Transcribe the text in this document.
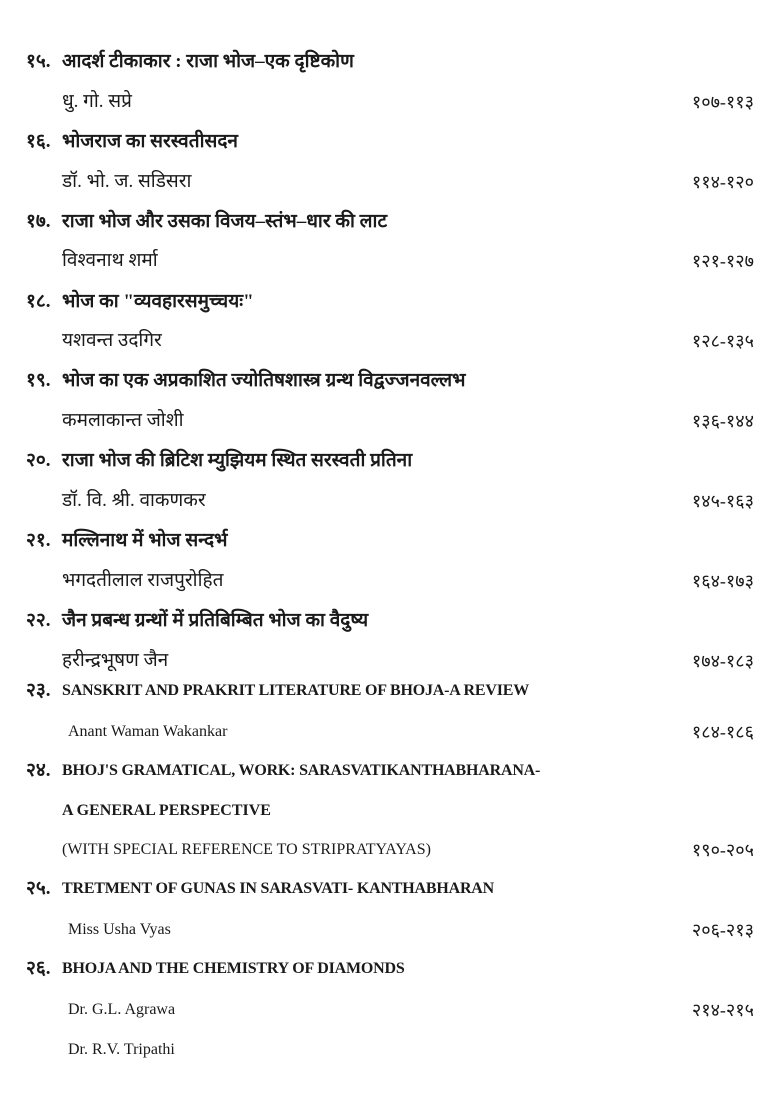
१५. आदर्श टीकाकार : राजा भोज–एक दृष्टिकोण
धु. गो. सप्रे	१०७-११३
१६. भोजराज का सरस्वतीसदन
डॉ. भो. ज. सडिसरा	११४-१२०
१७. राजा भोज और उसका विजय–स्तंभ–धार की लाट
विश्वनाथ शर्मा	१२१-१२७
१८. भोज का "व्यवहारसमुच्चयः"
यशवन्त उदगिर	१२८-१३५
१९. भोज का एक अप्रकाशित ज्योतिषशास्त्र ग्रन्थ विद्वज्जनवल्लभ
कमलाकान्त जोशी	१३६-१४४
२०. राजा भोज की ब्रिटिश म्युझियम स्थित सरस्वती प्रतिना
डॉ. वि. श्री. वाकणकर	१४५-१६३
२१. मल्लिनाथ में भोज सन्दर्भ
भगदतीलाल राजपुरोहित	१६४-१७३
२२. जैन प्रबन्ध ग्रन्थों में प्रतिबिम्बित भोज का वैदुष्य
हरीन्द्रभूषण जैन	१७४-१८३
२३. SANSKRIT AND PRAKRIT LITERATURE OF BHOJA-A REVIEW
Anant Waman Wakankar	१८४-१८६
२४. BHOJ'S GRAMATICAL, WORK: SARASVATIKANTHABHARANA-
A GENERAL PERSPECTIVE
(WITH SPECIAL REFERENCE TO STRIPRATYAYAS)	१९०-२०५
२५. TRETMENT OF GUNAS IN SARASVATI- KANTHABHARAN
Miss Usha Vyas	२०६-२१३
२६. BHOJA AND THE CHEMISTRY OF DIAMONDS
Dr. G.L. Agrawa	२१४-२१५
Dr. R.V. Tripathi
